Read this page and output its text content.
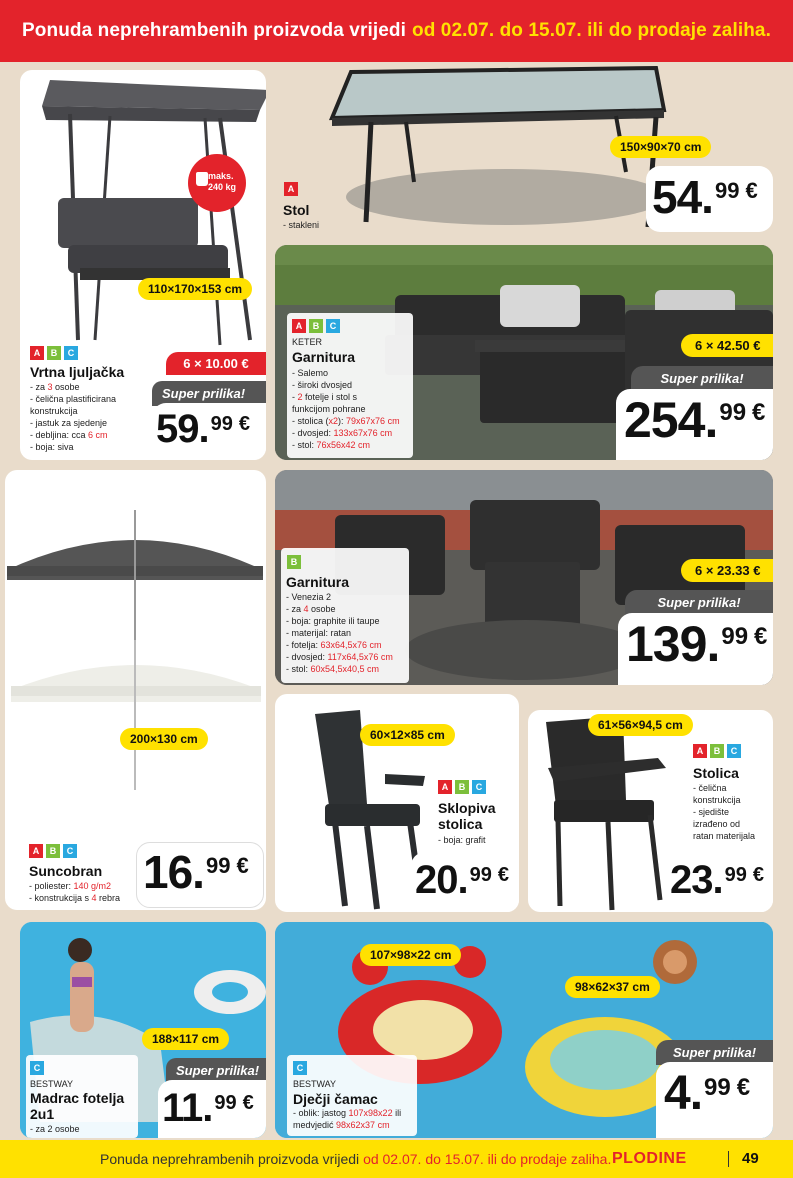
Ponuda neprehrambenih proizvoda vrijedi od 02.07. do 15.07. ili do prodaje zaliha.
maks.
240 kg
110×170×153 cm
A	B	C
Vrtna ljuljačka
- za 3 osobe
- čelična plastificirana
konstrukcija
- jastuk za sjedenje
- debljina: cca 6 cm
- boja: siva
6 × 10.00 €
Super prilika!
59 . 99 €
A
Stol
- stakleni
150×90×70 cm
54 . 99 €
A	B	C
KETER
Garnitura
- Salemo
- široki dvosjed
- 2 fotelje i stol s
funkcijom pohrane
- stolica (x2): 79x67x76 cm
- dvosjed: 133x67x76 cm
- stol: 76x56x42 cm
6 × 42.50 €
Super prilika!
254 . 99 €
200×130 cm
A	B	C
Suncobran
- poliester: 140 g/m2
- konstrukcija s 4 rebra 16 . 99 €
B
Garnitura
- Venezia 2
- za 4 osobe
- boja: graphite ili taupe
- materijal: ratan
- fotelja: 63x64,5x76 cm
- dvosjed: 117x64,5x76 cm
- stol: 60x54,5x40,5 cm
6 × 23.33 €
Super prilika!
139 . 99 €
60×12×85 cm
A	B	C
Sklopiva
stolica
- boja: grafit
20 . 99 €
61×56×94,5 cm
A	B	C
Stolica
- čelična
konstrukcija
- sjedište
izrađeno od
ratan materijala
23 . 99 €
188×117 cm
C
BESTWAY
Madrac fotelja
2u1
- za 2 osobe
Super prilika!
11 . 99 €
107×98×22 cm
98×62×37 cm
C
BESTWAY
Dječji čamac
- oblik: jastog 107x98x22 ili
medvjedić 98x62x37 cm
Super prilika!
4 . 99 €
Ponuda neprehrambenih proizvoda vrijedi od 02.07. do 15.07. ili do prodaje zaliha. PLODINE	49
